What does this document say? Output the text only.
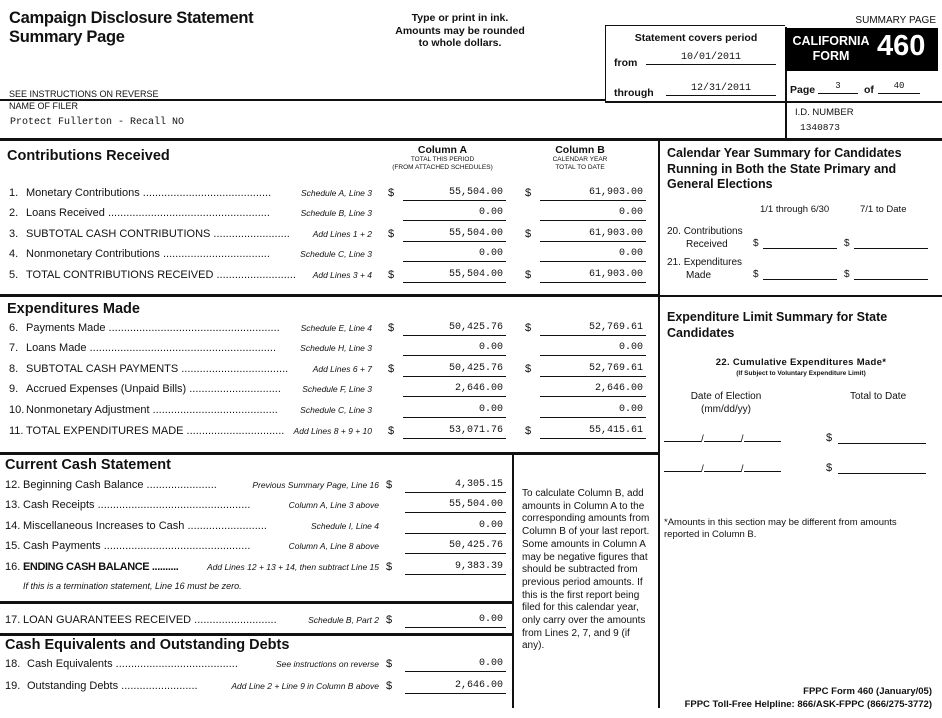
Campaign Disclosure Statement
Summary Page
Type or print in ink.
Amounts may be rounded
to whole dollars.
SUMMARY PAGE
SEE INSTRUCTIONS ON REVERSE
NAME OF FILER
Protect Fullerton - Recall NO
Statement covers period
from	10/01/2011
through	12/31/2011
CALIFORNIA
FORM 460
Page	3	of	40
I.D. NUMBER
1340873
Contributions Received	Column A
TOTAL THIS PERIOD
(FROM ATTACHED SCHEDULES)
Column B
CALENDAR YEAR
TOTAL TO DATE
1. Monetary Contributions ..........................................	Schedule A, Line 3 $	55,504.00 $	61,903.00
2. Loans Received .....................................................	Schedule B, Line 3	0.00	0.00
3. SUBTOTAL CASH CONTRIBUTIONS .........................	Add Lines 1 + 2 $	55,504.00 $	61,903.00
4. Nonmonetary Contributions ...................................	Schedule C, Line 3	0.00	0.00
5. TOTAL CONTRIBUTIONS RECEIVED .......................... Add Lines 3 + 4 $	55,504.00 $	61,903.00
Expenditures Made
6. Payments Made ........................................................ Schedule E, Line 4 $	50,425.76 $	52,769.61
7. Loans Made .............................................................	Schedule H, Line 3	0.00	0.00
8. SUBTOTAL CASH PAYMENTS ...................................	Add Lines 6 + 7 $	50,425.76 $	52,769.61
9. Accrued Expenses (Unpaid Bills) ..............................	Schedule F, Line 3	2,646.00	2,646.00
10. Nonmonetary Adjustment .........................................	Schedule C, Line 3	0.00	0.00
11. TOTAL EXPENDITURES MADE ................................ Add Lines 8 + 9 + 10 $	53,071.76 $	55,415.61
Current Cash Statement
12. Beginning Cash Balance .......................	Previous Summary Page, Line 16 $	4,305.15
13. Cash Receipts ..................................................	Column A, Line 3 above	55,504.00
14. Miscellaneous Increases to Cash ..........................	Schedule I, Line 4	0.00
15. Cash Payments ................................................	Column A, Line 8 above	50,425.76
16. ENDING CASH BALANCE ..........	Add Lines 12 + 13 + 14, then subtract Line 15 $	9,383.39
If this is a termination statement, Line 16 must be zero.
17. LOAN GUARANTEES RECEIVED ...........................	Schedule B, Part 2 $	0.00
Cash Equivalents and Outstanding Debts
18. Cash Equivalents ........................................	See instructions on reverse $	0.00
19. Outstanding Debts .........................	Add Line 2 + Line 9 in Column B above $	2,646.00
To calculate Column B, add amounts in Column A to the corresponding amounts from Column B of your last report. Some amounts in Column A may be negative figures that should be subtracted from previous period amounts. If this is the first report being filed for this calendar year, only carry over the amounts from Lines 2, 7, and 9 (if any).
Calendar Year Summary for Candidates Running in Both the State Primary and General Elections
1/1 through 6/30	7/1 to Date
20. Contributions
Received	$	$
21. Expenditures
Made	$	$
Expenditure Limit Summary for State Candidates
22. Cumulative Expenditures Made*
(If Subject to Voluntary Expenditure Limit)
Date of Election
(mm/dd/yy)
Total to Date
/	/	$
/	/	$
*Amounts in this section may be different from amounts reported in Column B.
FPPC Form 460 (January/05)
FPPC Toll-Free Helpline: 866/ASK-FPPC (866/275-3772)
